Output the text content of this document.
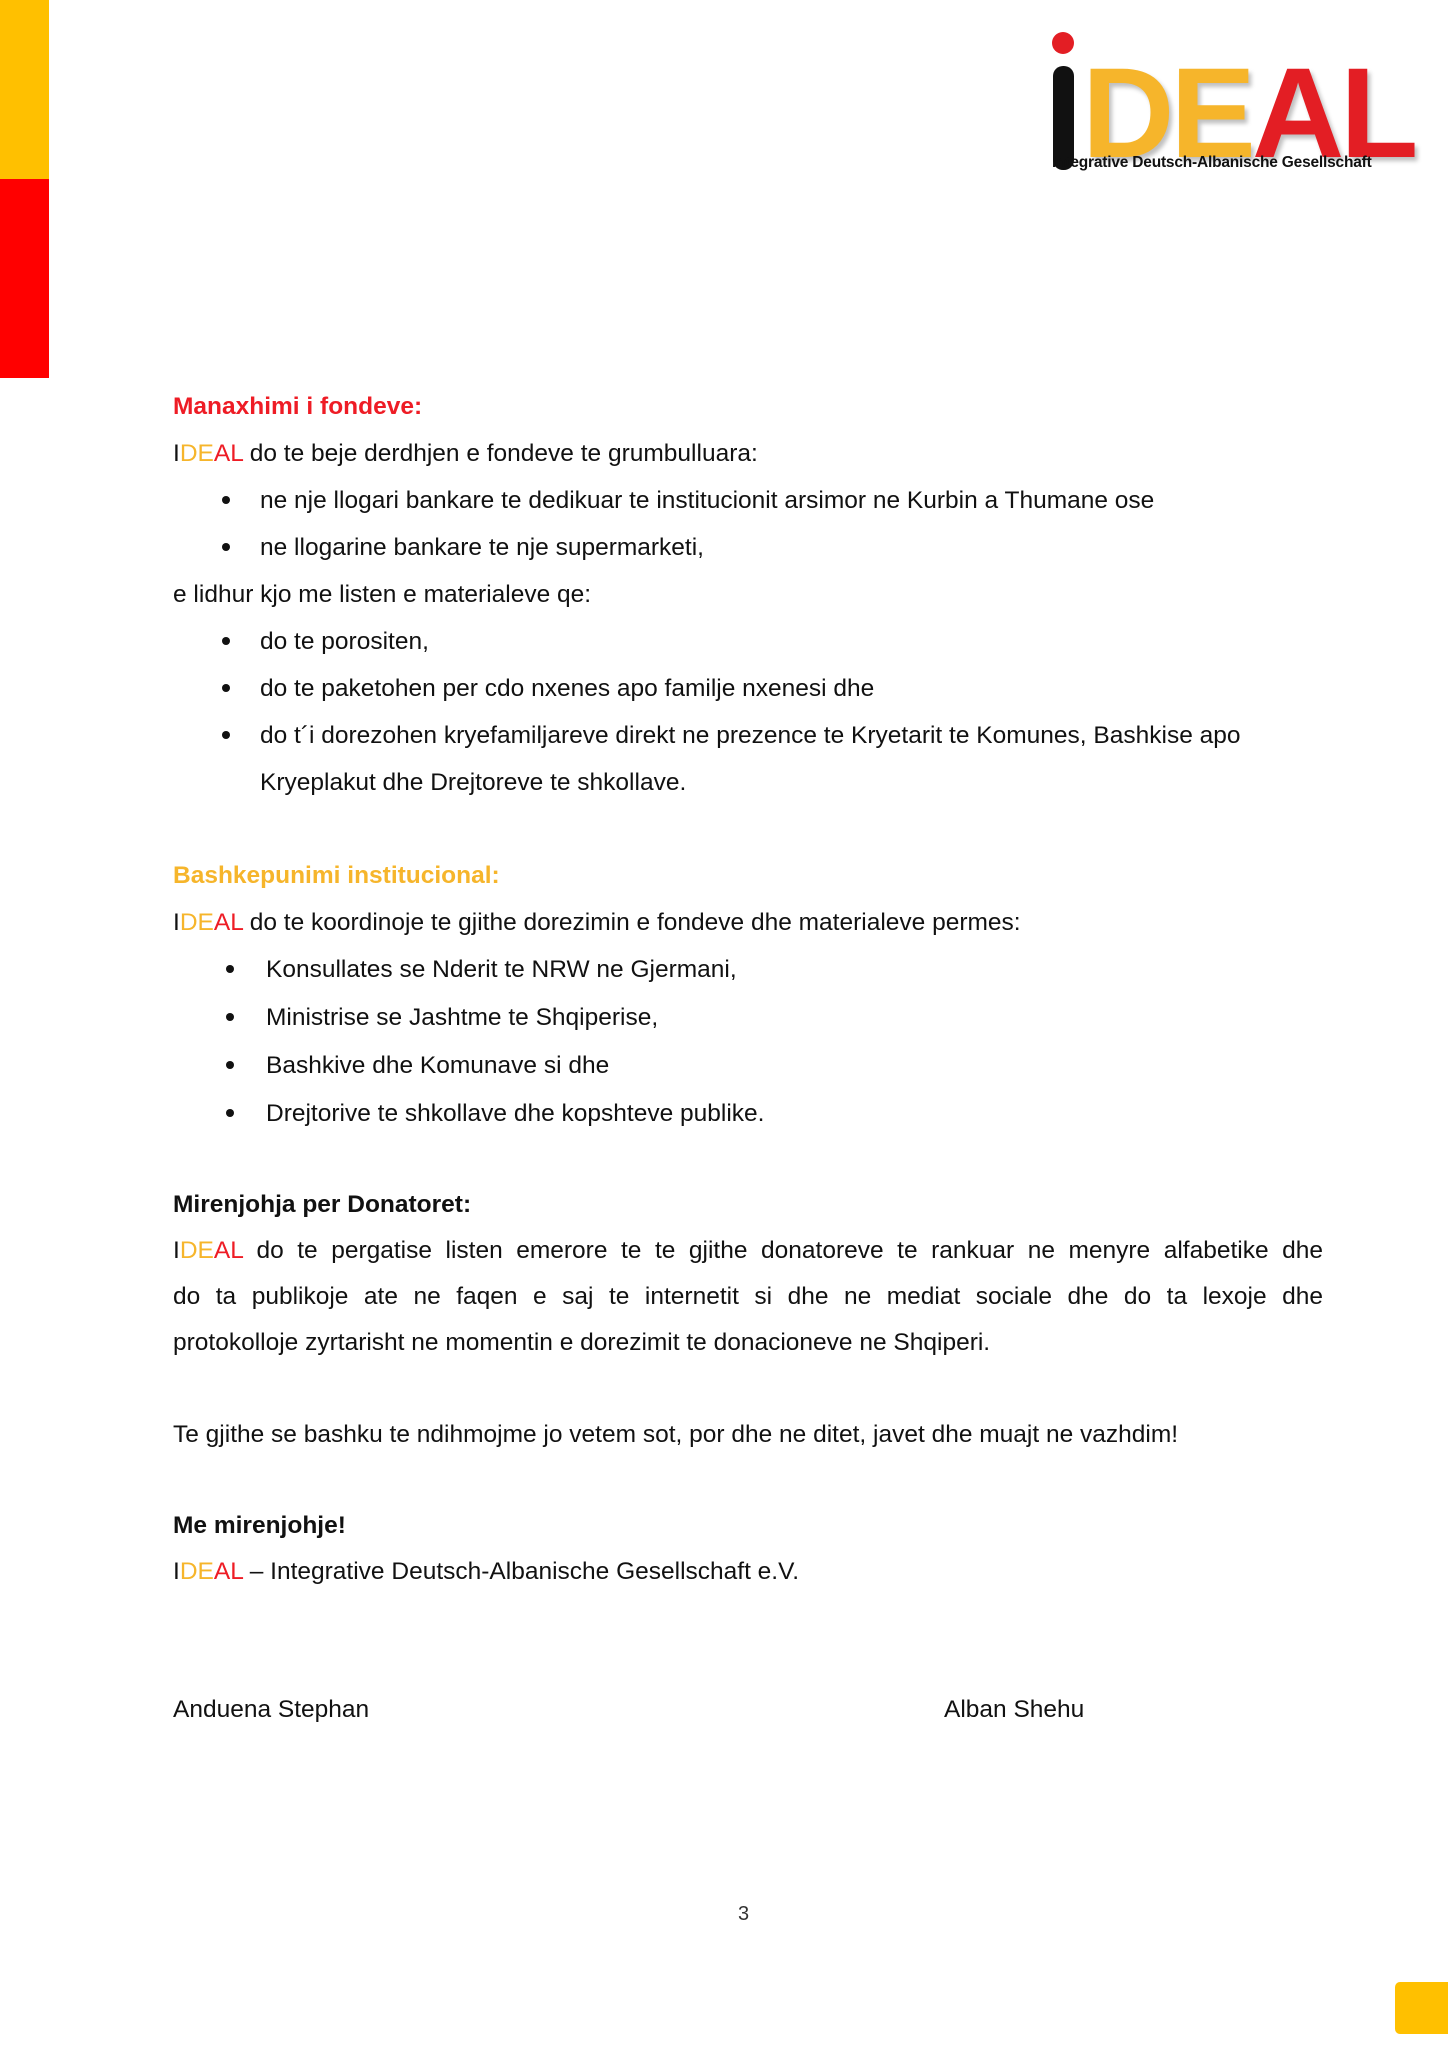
DEAL
Integrative Deutsch-Albanische Gesellschaft
Manaxhimi i fondeve:
IDEAL do te beje derdhjen e fondeve te grumbulluara:
ne nje llogari bankare te dedikuar te institucionit arsimor ne Kurbin a Thumane ose
ne llogarine bankare te nje supermarketi,
e lidhur kjo me listen e materialeve qe:
do te porositen,
do te paketohen per cdo nxenes apo familje nxenesi dhe
do t´i dorezohen kryefamiljareve direkt ne prezence te Kryetarit te Komunes, Bashkise apo
Kryeplakut dhe Drejtoreve te shkollave.
Bashkepunimi institucional:
IDEAL do te koordinoje te gjithe dorezimin e fondeve dhe materialeve permes:
Konsullates se Nderit te NRW ne Gjermani,
Ministrise se Jashtme te Shqiperise,
Bashkive dhe Komunave si dhe
Drejtorive te shkollave dhe kopshteve publike.
Mirenjohja per Donatoret:
IDEAL do te pergatise listen emerore te te gjithe donatoreve te rankuar ne menyre alfabetike dhe
do ta publikoje ate ne faqen e saj te internetit si dhe ne mediat sociale dhe do ta lexoje dhe
protokolloje zyrtarisht ne momentin e dorezimit te donacioneve ne Shqiperi.
Te gjithe se bashku te ndihmojme jo vetem sot, por dhe ne ditet, javet dhe muajt ne vazhdim!
Me mirenjohje!
IDEAL – Integrative Deutsch-Albanische Gesellschaft e.V.
Anduena Stephan	Alban Shehu
3
